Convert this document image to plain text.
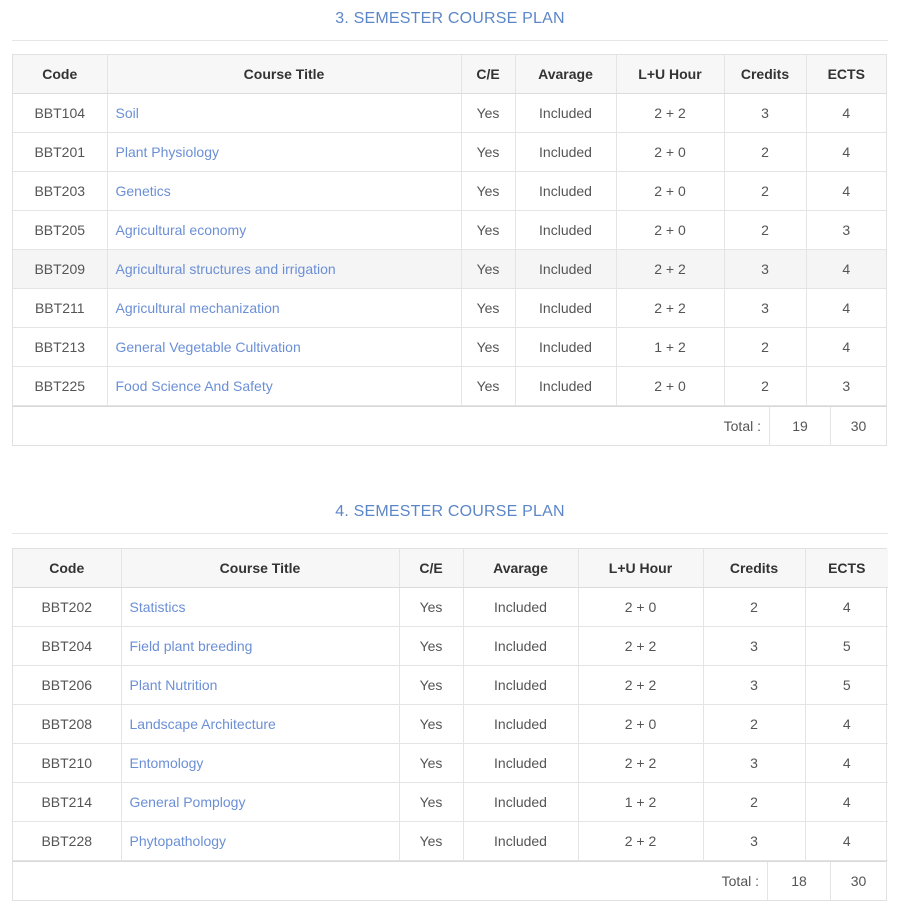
3. SEMESTER COURSE PLAN
Code	Course Title	C/E	Avarage	L+U Hour	Credits	ECTS
BBT104	Soil	Yes	Included	2 + 2	3	4
BBT201	Plant Physiology	Yes	Included	2 + 0	2	4
BBT203	Genetics	Yes	Included	2 + 0	2	4
BBT205	Agricultural economy	Yes	Included	2 + 0	2	3
BBT209	Agricultural structures and irrigation	Yes	Included	2 + 2	3	4
BBT211	Agricultural mechanization	Yes	Included	2 + 2	3	4
BBT213	General Vegetable Cultivation	Yes	Included	1 + 2	2	4
BBT225	Food Science And Safety	Yes	Included	2 + 0	2	3
Total :	19	30
4. SEMESTER COURSE PLAN
Code	Course Title	C/E	Avarage	L+U Hour	Credits	ECTS
BBT202	Statistics	Yes	Included	2 + 0	2	4
BBT204	Field plant breeding	Yes	Included	2 + 2	3	5
BBT206	Plant Nutrition	Yes	Included	2 + 2	3	5
BBT208	Landscape Architecture	Yes	Included	2 + 0	2	4
BBT210	Entomology	Yes	Included	2 + 2	3	4
BBT214	General Pomplogy	Yes	Included	1 + 2	2	4
BBT228	Phytopathology	Yes	Included	2 + 2	3	4
Total :	18	30
